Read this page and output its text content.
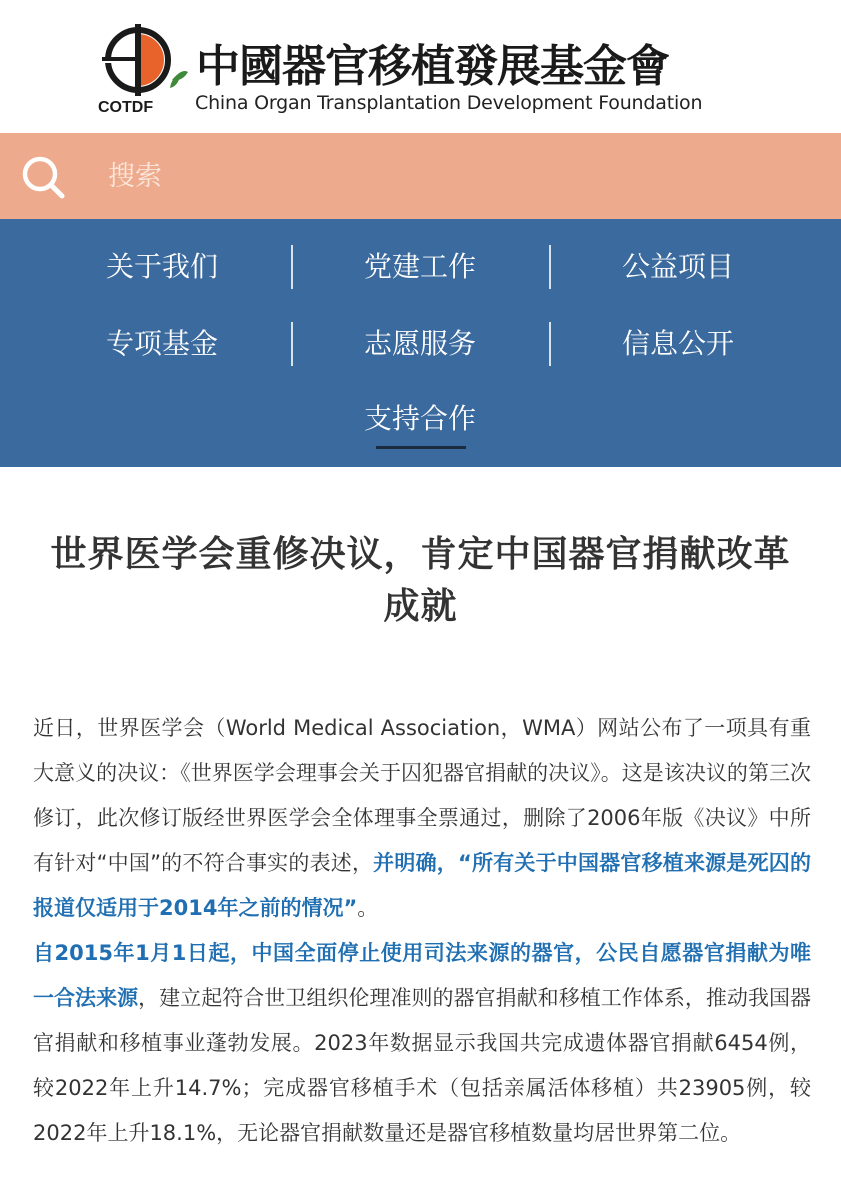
COTDF
中國器官移植發展基金會
China Organ Transplantation Development Foundation
搜索
关于我们	党建工作	公益项目
专项基金	志愿服务	信息公开
支持合作
世界医学会重修决议，肯定中国器官捐献改革成就

近日，世界医学会（World Medical Association，WMA）网站公布了一项具有重大意义的决议：《世界医学会理事会关于囚犯器官捐献的决议》。这是该决议的第三次修订，此次修订版经世界医学会全体理事全票通过，删除了2006年版《决议》中所有针对“中国”的不符合事实的表述，并明确，“所有关于中国器官移植来源是死囚的报道仅适用于2014年之前的情况”。

自2015年1月1日起，中国全面停止使用司法来源的器官，公民自愿器官捐献为唯一合法来源，建立起符合世卫组织伦理准则的器官捐献和移植工作体系，推动我国器官捐献和移植事业蓬勃发展。2023年数据显示我国共完成遗体器官捐献6454例，较2022年上升14.7%；完成器官移植手术（包括亲属活体移植）共23905例，较2022年上升18.1%，无论器官捐献数量还是器官移植数量均居世界第二位。
